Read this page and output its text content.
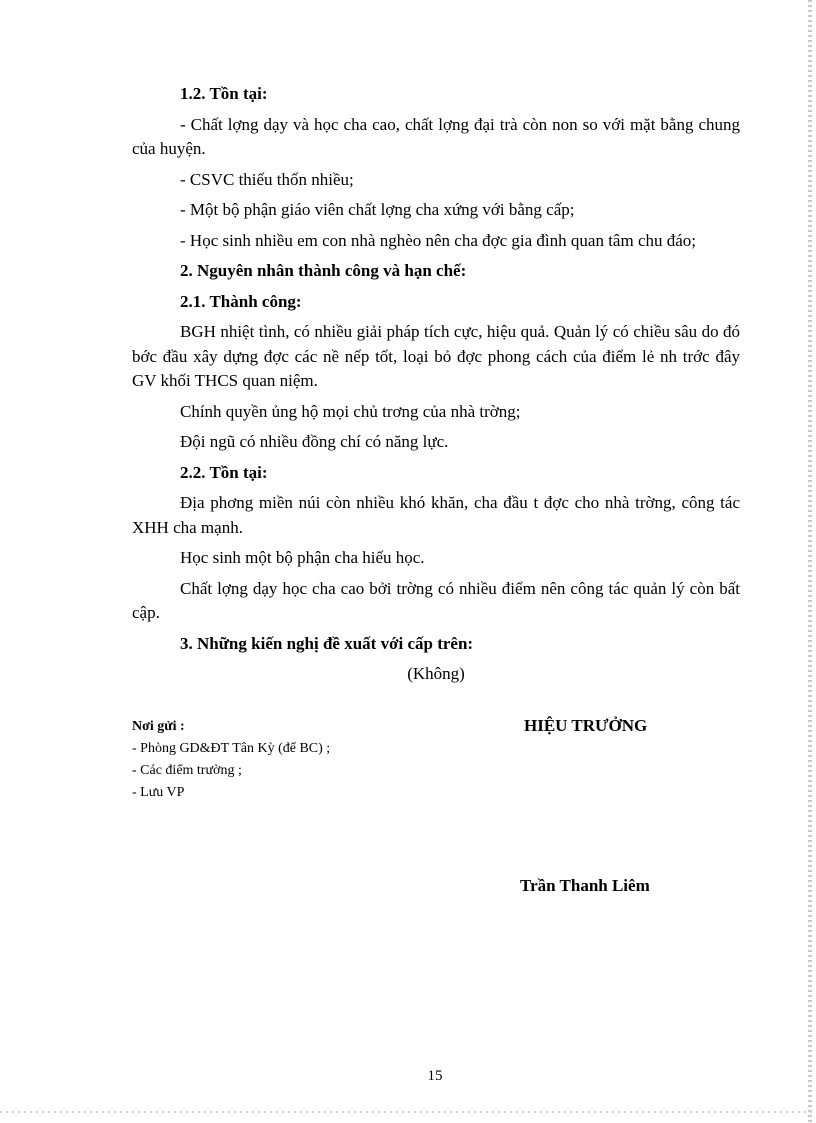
1.2. Tồn tại:
- Chất lợng dạy và học cha cao, chất lợng đại trà còn non so với mặt bằng chung của huyện.
- CSVC thiếu thốn nhiều;
- Một bộ phận giáo viên chất lợng cha xứng với bằng cấp;
- Học sinh nhiều em con nhà nghèo nên cha đợc gia đình quan tâm chu đáo;
2. Nguyên nhân thành công và hạn chế:
2.1. Thành công:
BGH nhiệt tình, có nhiều giải pháp tích cực, hiệu quả. Quản lý có chiều sâu do đó bớc đầu xây dựng đợc các nề nếp tốt, loại bỏ đợc phong cách của điểm lẻ nh trớc đây GV khối THCS quan niệm.
Chính quyền ủng hộ mọi chủ trơng của nhà trờng;
Đội ngũ có nhiều đồng chí có năng lực.
2.2. Tồn tại:
Địa phơng miền núi còn nhiều khó khăn, cha đầu t đợc cho nhà trờng, công tác XHH cha mạnh.
Học sinh một bộ phận cha hiếu học.
Chất lợng dạy học cha cao bởi trờng có nhiều điểm nên công tác quản lý còn bất cập.
3. Những kiến nghị đề xuất với cấp trên:
(Không)
Nơi gửi :
- Phòng GD&ĐT Tân Kỳ (để BC) ;
- Các điểm trường ;
- Lưu VP
HIỆU TRƯỞNG
Trần Thanh Liêm
15
